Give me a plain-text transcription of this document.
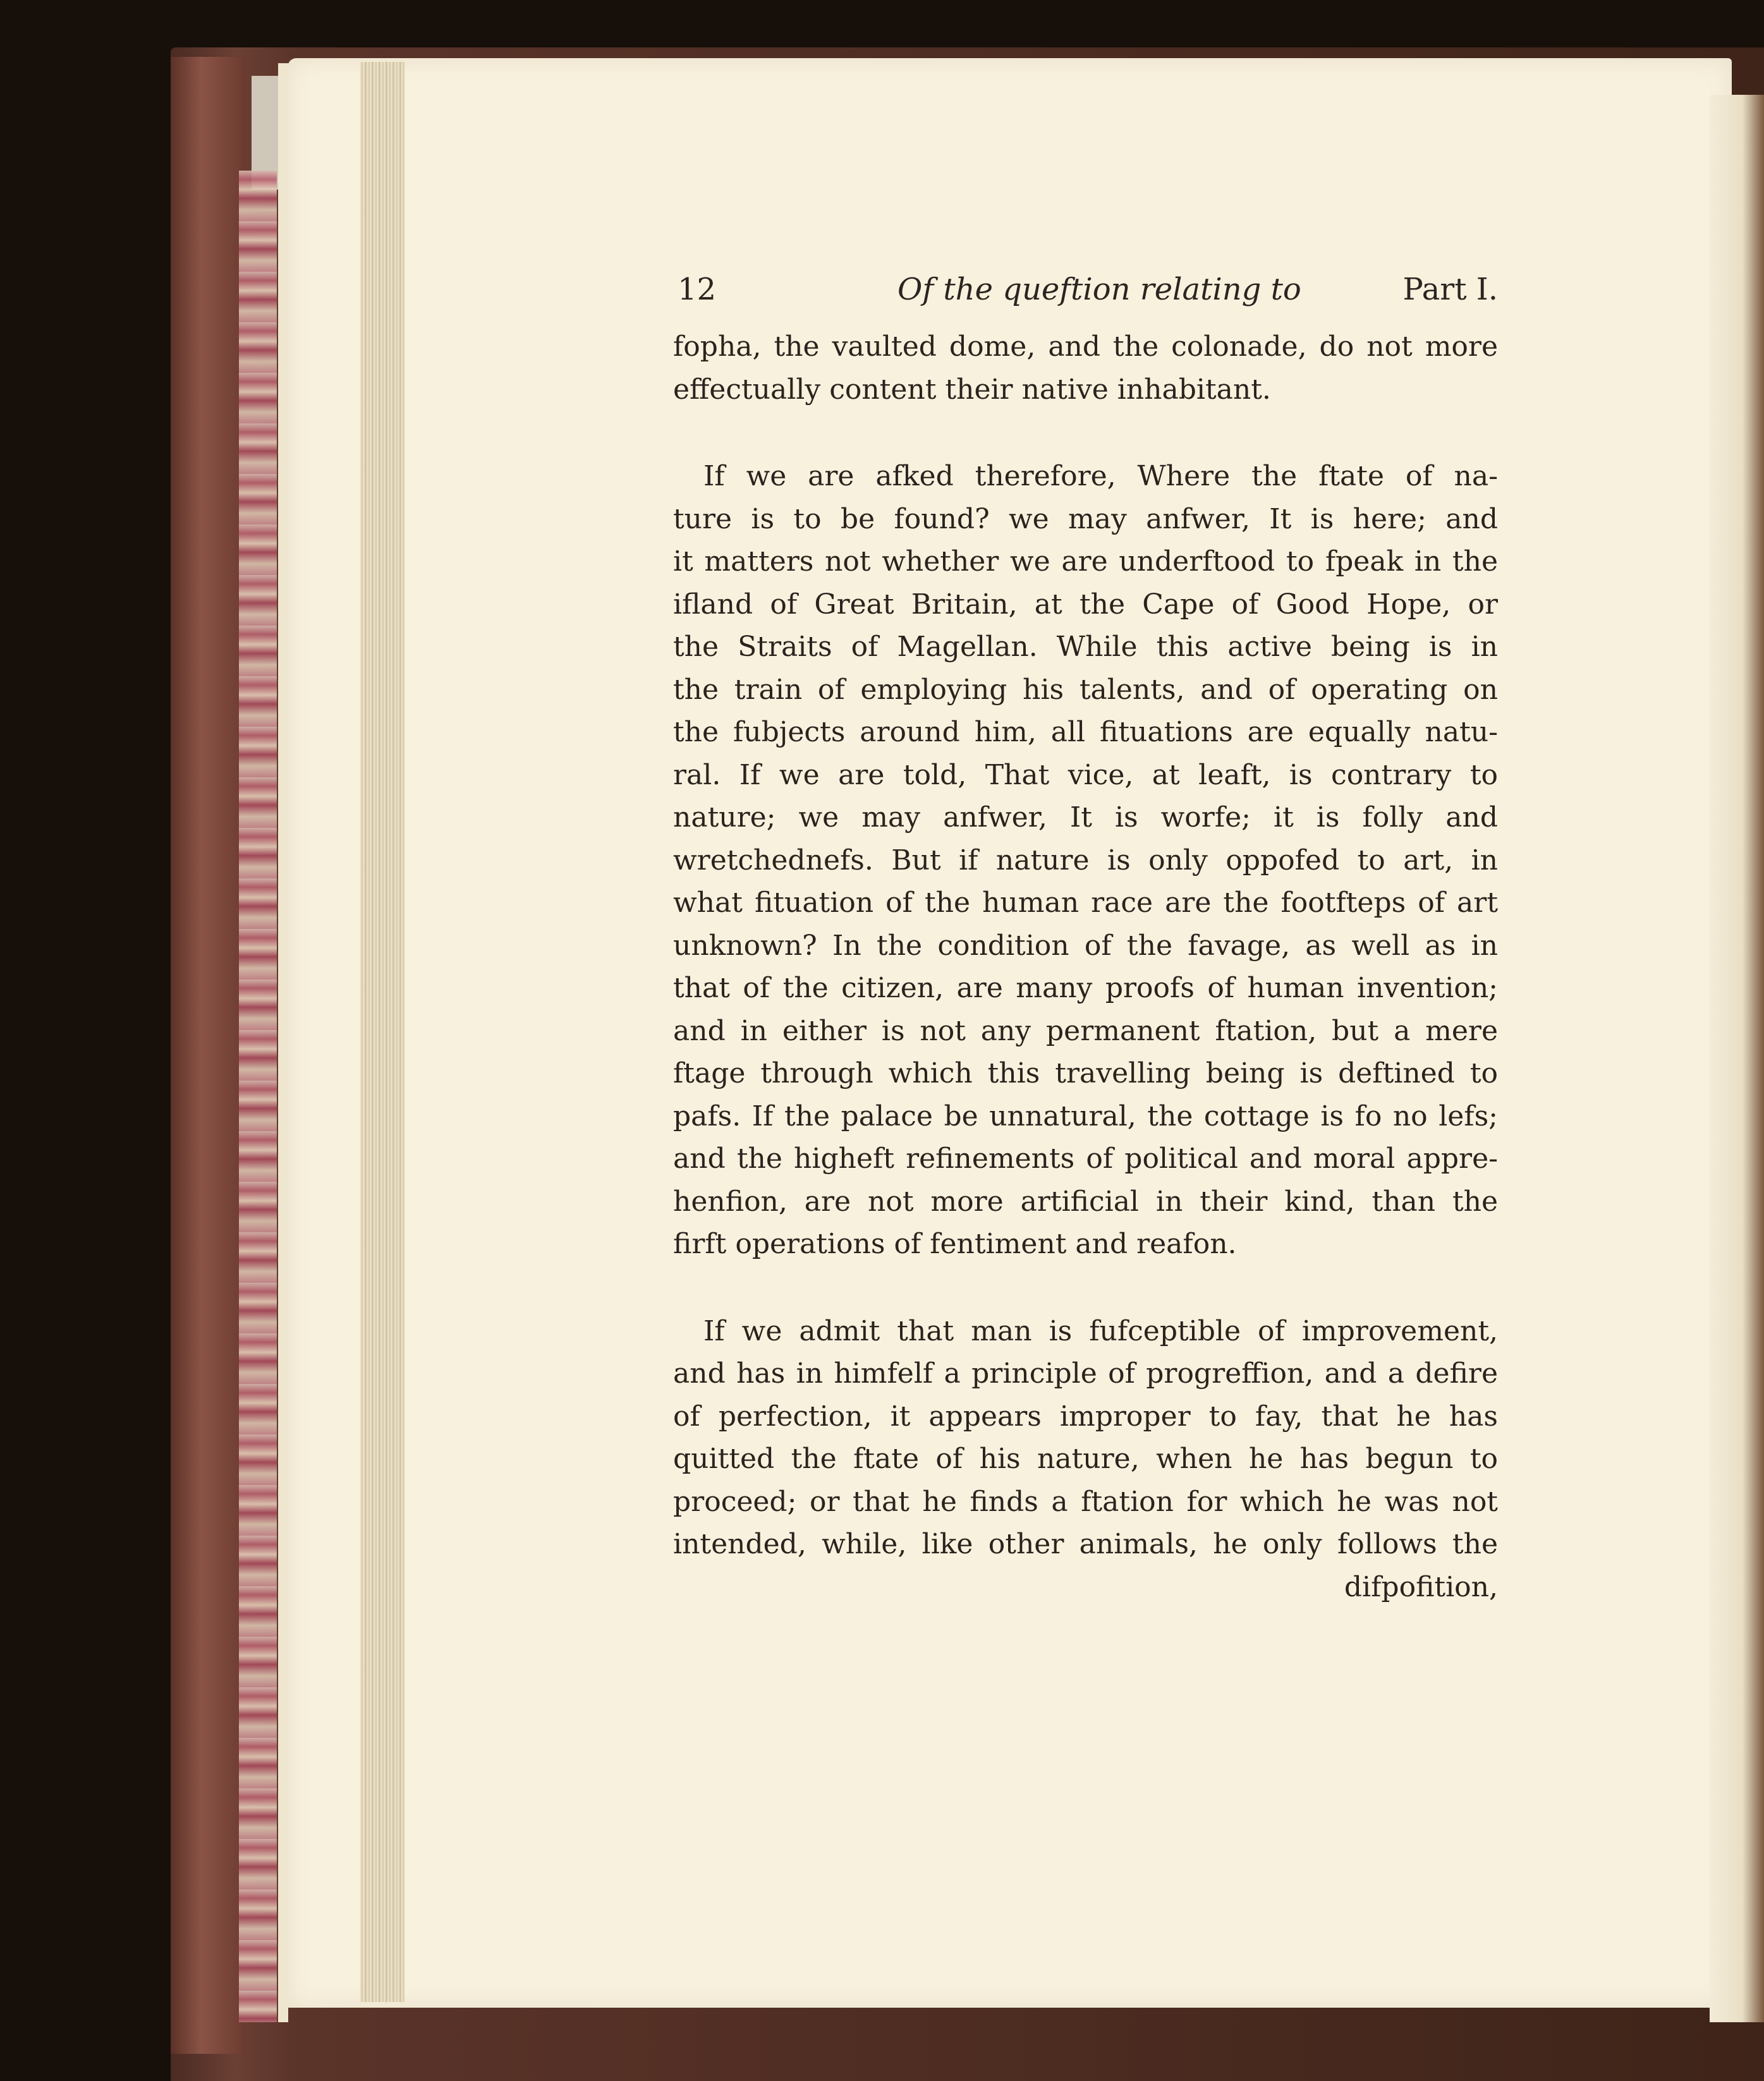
12	Of the queftion relating to	Part I.
fopha, the vaulted dome, and the colonade, do not more
effectually content their native inhabitant.
If we are afked therefore, Where the ftate of na-
ture is to be found? we may anfwer, It is here; and
it matters not whether we are underftood to fpeak in the
ifland of Great Britain, at the Cape of Good Hope, or
the Straits of Magellan. While this active being is in
the train of employing his talents, and of operating on
the fubjects around him, all fituations are equally natu-
ral. If we are told, That vice, at leaft, is contrary to
nature; we may anfwer, It is worfe; it is folly and
wretchednefs. But if nature is only oppofed to art, in
what fituation of the human race are the footfteps of art
unknown? In the condition of the favage, as well as in
that of the citizen, are many proofs of human invention;
and in either is not any permanent ftation, but a mere
ftage through which this travelling being is deftined to
pafs. If the palace be unnatural, the cottage is fo no lefs;
and the higheft refinements of political and moral appre-
henfion, are not more artificial in their kind, than the
firft operations of fentiment and reafon.
If we admit that man is fufceptible of improvement,
and has in himfelf a principle of progreffion, and a defire
of perfection, it appears improper to fay, that he has
quitted the ftate of his nature, when he has begun to
proceed; or that he finds a ftation for which he was not
intended, while, like other animals, he only follows the
difpofition,
